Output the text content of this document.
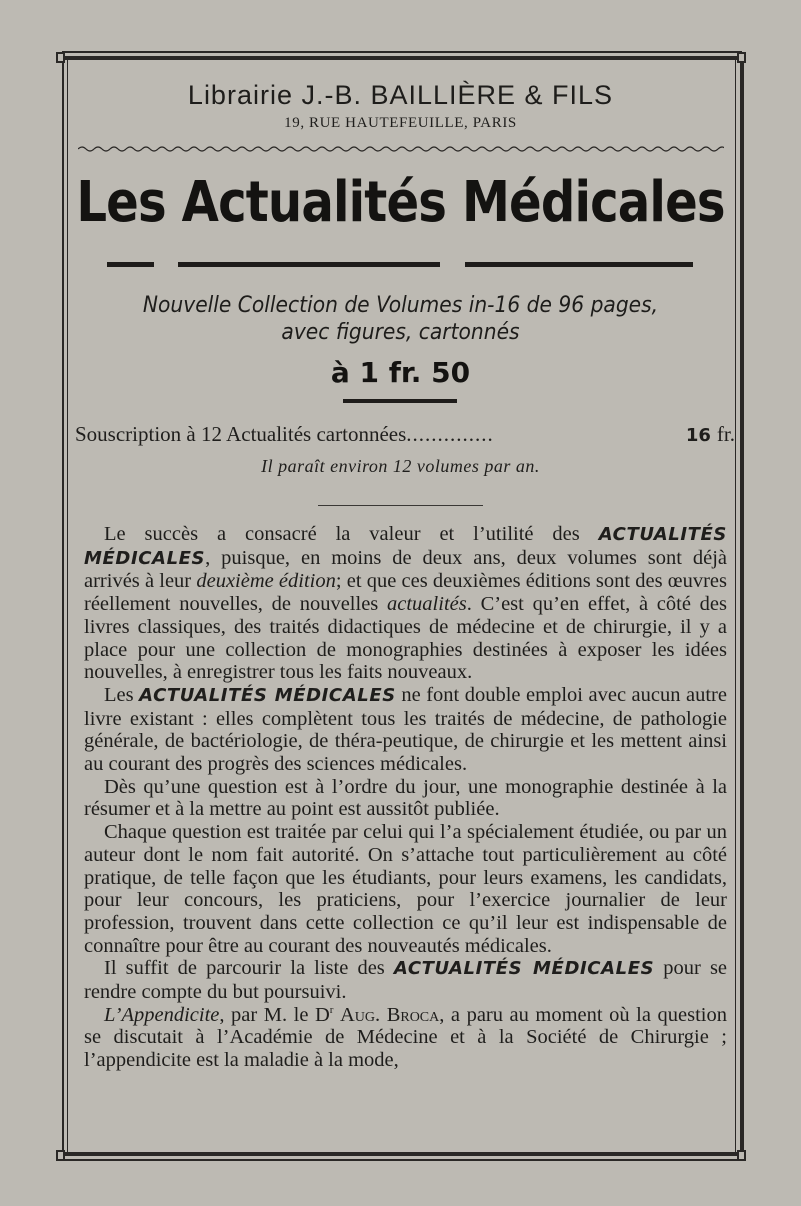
Librairie J.-B. BAILLIÈRE & FILS
19, RUE HAUTEFEUILLE, PARIS
Les Actualités Médicales
Nouvelle Collection de Volumes in-16 de 96 pages,
avec figures, cartonnés
à 1 fr. 50
Souscription à 12 Actualités cartonnées ..............	16 fr.
Il paraît environ 12 volumes par an.

Le succès a consacré la valeur et l’utilité des ACTUALITÉS MÉDICALES, puisque, en moins de deux ans, deux volumes sont déjà arrivés à leur deuxième édition; et que ces deuxièmes éditions sont des œuvres réellement nouvelles, de nouvelles actualités. C’est qu’en effet, à côté des livres classiques, des traités didactiques de médecine et de chirurgie, il y a place pour une collection de monographies destinées à exposer les idées nouvelles, à enregistrer tous les faits nouveaux.

Les ACTUALITÉS MÉDICALES ne font double emploi avec aucun autre livre existant : elles complètent tous les traités de médecine, de pathologie générale, de bactériologie, de théra-peutique, de chirurgie et les mettent ainsi au courant des progrès des sciences médicales.

Dès qu’une question est à l’ordre du jour, une monographie destinée à la résumer et à la mettre au point est aussitôt publiée.

Chaque question est traitée par celui qui l’a spécialement étudiée, ou par un auteur dont le nom fait autorité. On s’attache tout particulièrement au côté pratique, de telle façon que les étudiants, pour leurs examens, les candidats, pour leur concours, les praticiens, pour l’exercice journalier de leur profession, trouvent dans cette collection ce qu’il leur est indispensable de connaître pour être au courant des nouveautés médicales.

Il suffit de parcourir la liste des ACTUALITÉS MÉDICALES pour se rendre compte du but poursuivi.

L’Appendicite, par M. le $D^r$ Aug. Broca, a paru au moment où la question se discutait à l’Académie de Médecine et à la Société de Chirurgie ; l’appendicite est la maladie à la mode,
